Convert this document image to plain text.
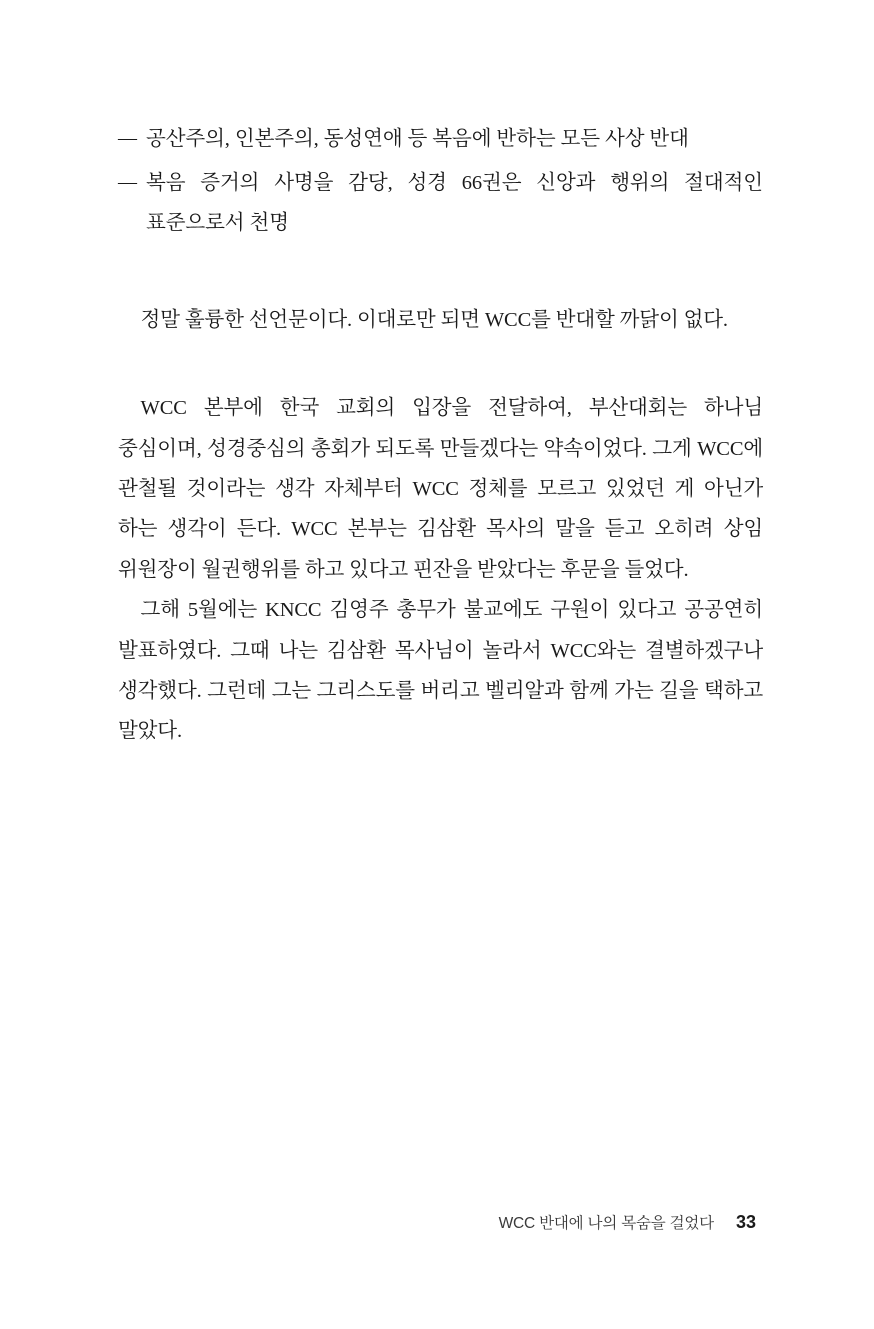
— 공산주의, 인본주의, 동성연애 등 복음에 반하는 모든 사상 반대
— 복음 증거의 사명을 감당, 성경 66권은 신앙과 행위의 절대적인 표준으로서 천명

정말 훌륭한 선언문이다. 이대로만 되면 WCC를 반대할 까닭이 없다.

WCC 본부에 한국 교회의 입장을 전달하여, 부산대회는 하나님 중심이며, 성경중심의 총회가 되도록 만들겠다는 약속이었다. 그게 WCC에 관철될 것이라는 생각 자체부터 WCC 정체를 모르고 있었던 게 아닌가 하는 생각이 든다. WCC 본부는 김삼환 목사의 말을 듣고 오히려 상임 위원장이 월권행위를 하고 있다고 핀잔을 받았다는 후문을 들었다.

그해 5월에는 KNCC 김영주 총무가 불교에도 구원이 있다고 공공연히 발표하였다. 그때 나는 김삼환 목사님이 놀라서 WCC와는 결별하겠구나 생각했다. 그런데 그는 그리스도를 버리고 벨리알과 함께 가는 길을 택하고 말았다.

WCC 반대에 나의 목숨을 걸었다 33
